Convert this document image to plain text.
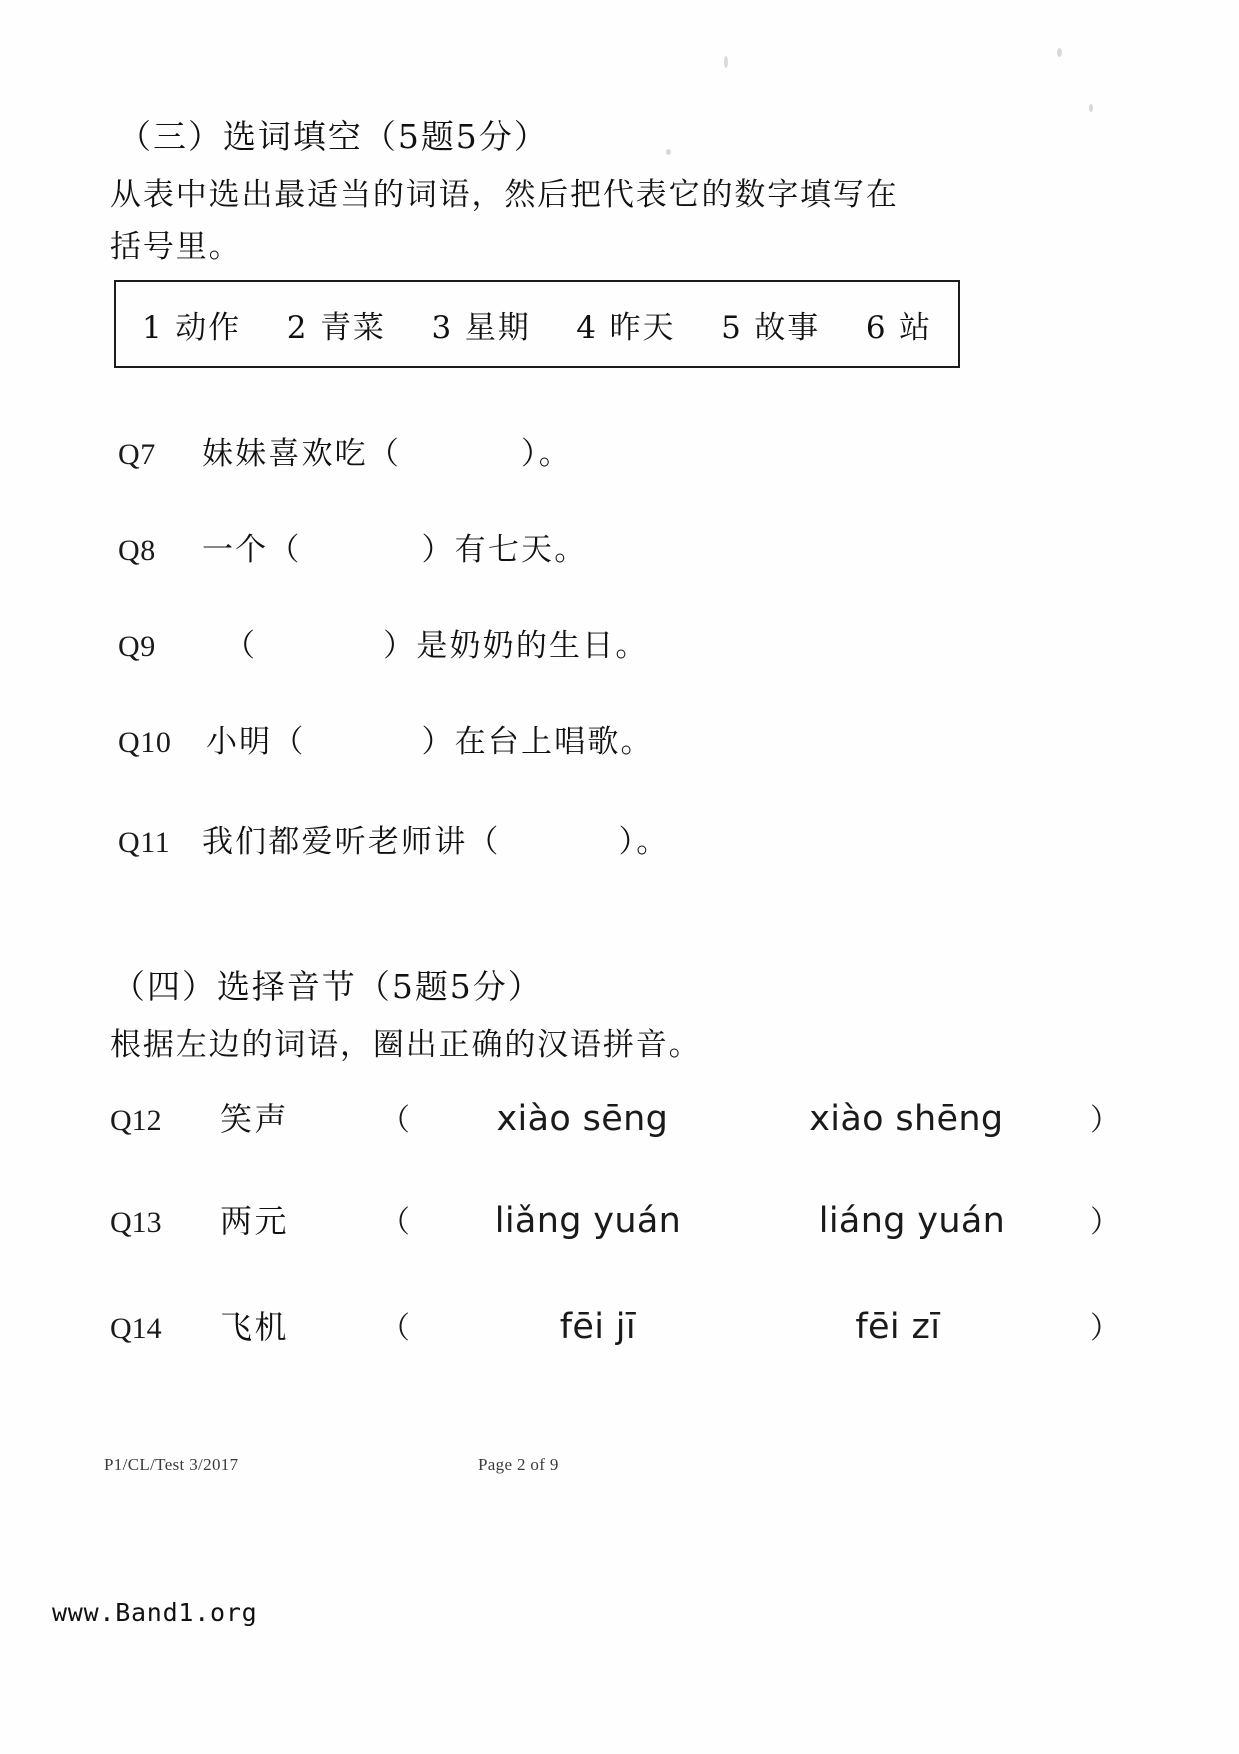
（三）选词填空（5题5分）
从表中选出最适当的词语，然后把代表它的数字填写在
括号里。
1 动作 2 青菜 3 星期 4 昨天 5 故事 6 站
Q7	妹妹喜欢吃（	）。
Q8	一个（	）有七天。
Q9	（	）是奶奶的生日。
Q10	小明（	）在台上唱歌。
Q11	我们都爱听老师讲（	）。
（四）选择音节（5题5分）
根据左边的词语，圈出正确的汉语拼音。
Q12	笑声	（ xiào sēng	xiào shēng	）
Q13	两元	（ liǎng yuán	liáng yuán	）
Q14	飞机	（	fēi jī	fēi zī	）
P1/CL/Test 3/2017	Page 2 of 9
www.Band1.org
